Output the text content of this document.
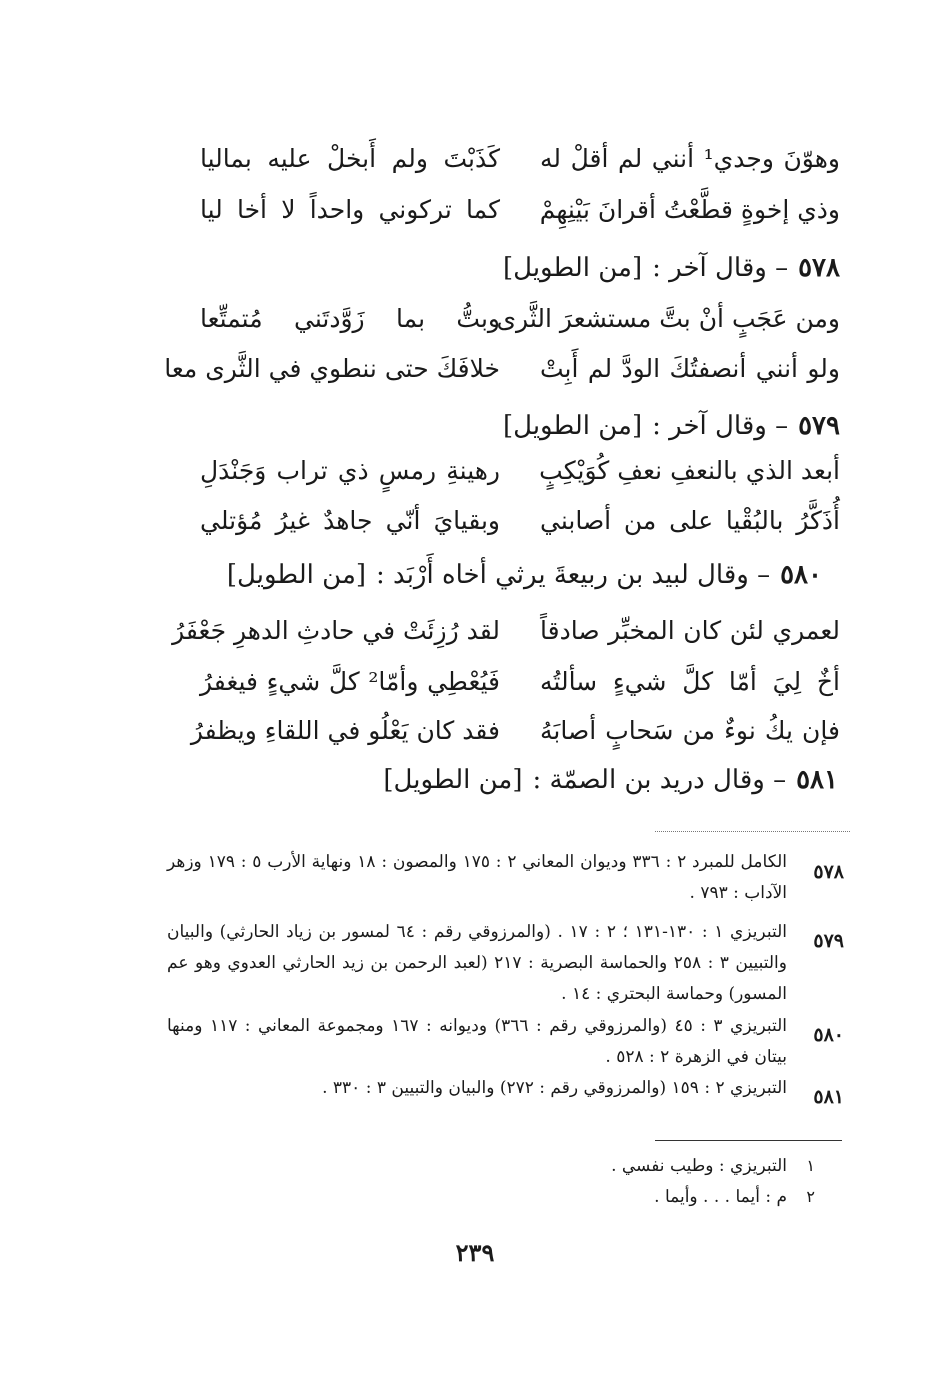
وهوّنَ وجدي¹ أنني لم أقلْ له
كَذَبْتَ ولم أَبخلْ عليه بماليا
وذي إخوةٍ قطَّعْتُ أقرانَ بَيْنِهِمْ
كما تركوني واحداً لا أخا ليا
٥٧٨
– وقال آخر :
[من الطويل]
ومن عَجَبٍ أنْ بتَّ مستشعرَ الثَّرى
وبتُّ بما زَوَّدتَني مُتمتِّعا
ولو أنني أنصفتُكَ الودَّ لم أَبِتْ
خلافَكَ حتى ننطوي في الثَّرى معا
٥٧٩
– وقال آخر :
[من الطويل]
أبعد الذي بالنعفِ نعفِ كُوَيْكِبٍ
رهينةِ رمسٍ ذي تراب وَجَنْدَلِ
أُذَكَّرُ بالبُقْيا على من أصابني
وبقيايَ أنّي جاهدٌ غيرُ مُؤتلي
٥٨٠
– وقال لبيد بن ربيعةَ يرثي أخاه أَرْبَد :
[من الطويل]
لعمري لئن كان المخبِّر صادقاً
لقد رُزِئَتْ في حادثِ الدهرِ جَعْفَرُ
أخٌ لِيَ أمّا كلَّ شيءٍ سألتُه
فَيُعْطِي وأمّا² كلَّ شيءٍ فيغفرُ
فإن يكُ نوءٌ من سَحابٍ أصابَهُ
فقد كان يَعْلُو في اللقاءِ ويظفرُ
٥٨١
– وقال دريد بن الصمّة :
[من الطويل]
٥٧٨
الكامل للمبرد ٢ : ٣٣٦ وديوان المعاني ٢ : ١٧٥ والمصون : ١٨ ونهاية الأرب ٥ : ١٧٩ وزهر الآداب : ٧٩٣ .
٥٧٩
التبريزي ١ : ١٣٠-١٣١ ؛ ٢ : ١٧ . (والمرزوقي رقم : ٦٤ لمسور بن زياد الحارثي) والبيان والتبيين ٣ : ٢٥٨ والحماسة البصرية : ٢١٧ (لعبد الرحمن بن زيد الحارثي العدوي وهو عم المسور) وحماسة البحتري : ١٤ .
٥٨٠
التبريزي ٣ : ٤٥ (والمرزوقي رقم : ٣٦٦) وديوانه : ١٦٧ ومجموعة المعاني : ١١٧ ومنها بيتان في الزهرة ٢ : ٥٢٨ .
٥٨١
التبريزي ٢ : ١٥٩ (والمرزوقي رقم : ٢٧٢) والبيان والتبيين ٣ : ٣٣٠ .
١
التبريزي : وطيب نفسي .
٢
م : أيما . . . وأيما .
٢٣٩
